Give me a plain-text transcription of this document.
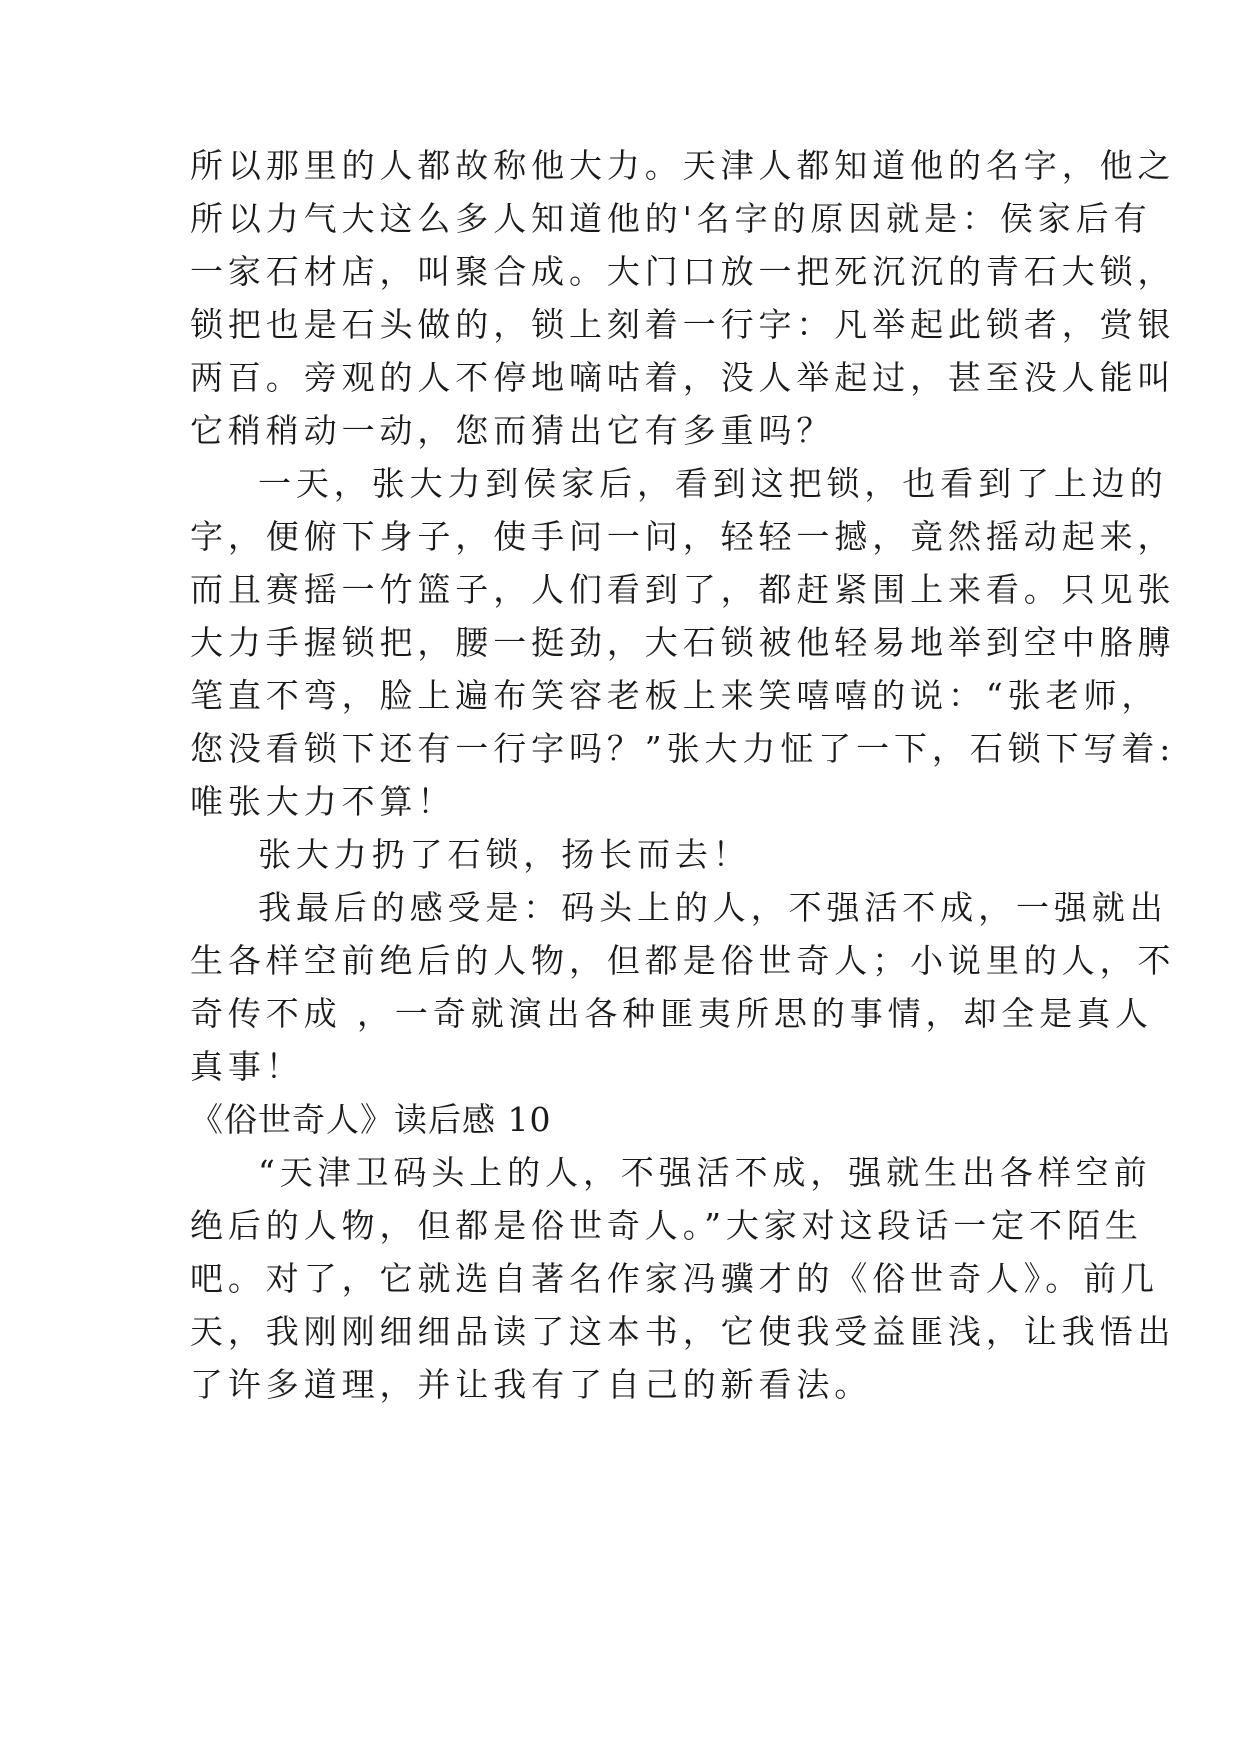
所以那里的人都故称他大力。天津人都知道他的名字，他之
所以力气大这么多人知道他的'名字的原因就是：侯家后有
一家石材店，叫聚合成。大门口放一把死沉沉的青石大锁，
锁把也是石头做的，锁上刻着一行字：凡举起此锁者，赏银
两百。旁观的人不停地嘀咕着，没人举起过，甚至没人能叫
它稍稍动一动，您而猜出它有多重吗？
一天，张大力到侯家后，看到这把锁，也看到了上边的
字，便俯下身子，使手问一问，轻轻一撼，竟然摇动起来，
而且赛摇一竹篮子，人们看到了，都赶紧围上来看。只见张
大力手握锁把，腰一挺劲，大石锁被他轻易地举到空中胳膊
笔直不弯，脸上遍布笑容老板上来笑嘻嘻的说：“张老师，
您没看锁下还有一行字吗？”张大力怔了一下，石锁下写着:
唯张大力不算！
张大力扔了石锁，扬长而去！
我最后的感受是：码头上的人，不强活不成，一强就出
生各样空前绝后的人物，但都是俗世奇人；小说里的人，不
奇传不成 ，一奇就演出各种匪夷所思的事情，却全是真人
真事！
《俗世奇人》读后感 10
“天津卫码头上的人，不强活不成，强就生出各样空前
绝后的人物，但都是俗世奇人。”大家对这段话一定不陌生
吧。对了，它就选自著名作家冯骥才的《俗世奇人》。前几
天，我刚刚细细品读了这本书，它使我受益匪浅，让我悟出
了许多道理，并让我有了自己的新看法。
